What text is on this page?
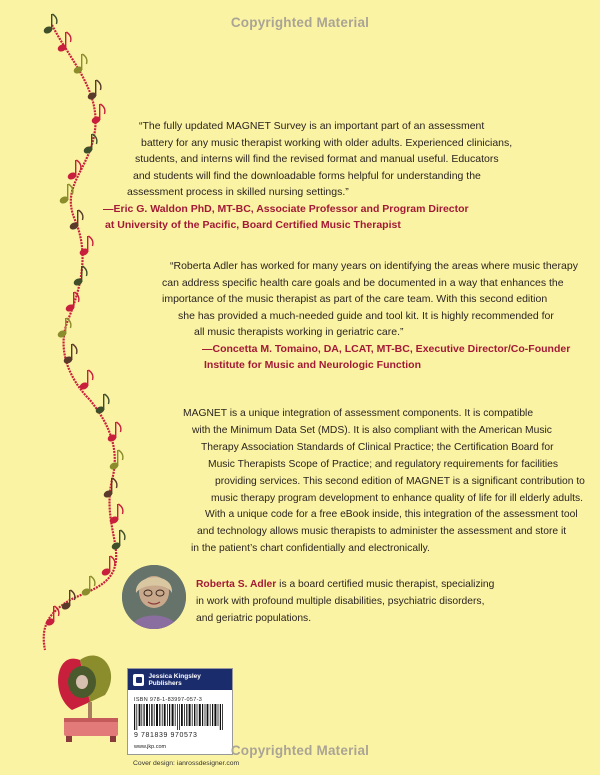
Copyrighted Material
“The fully updated MAGNET Survey is an important part of an assessment
battery for any music therapist working with older adults. Experienced clinicians,
students, and interns will find the revised format and manual useful. Educators
and students will find the downloadable forms helpful for understanding the
assessment process in skilled nursing settings.”
—Eric G. Waldon PhD, MT-BC, Associate Professor and Program Director
at University of the Pacific, Board Certified Music Therapist
“Roberta Adler has worked for many years on identifying the areas where music therapy
can address specific health care goals and be documented in a way that enhances the
importance of the music therapist as part of the care team. With this second edition
she has provided a much-needed guide and tool kit. It is highly recommended for
all music therapists working in geriatric care.”
—Concetta M. Tomaino, DA, LCAT, MT-BC, Executive Director/Co-Founder
Institute for Music and Neurologic Function
MAGNET is a unique integration of assessment components. It is compatible
with the Minimum Data Set (MDS). It is also compliant with the American Music
Therapy Association Standards of Clinical Practice; the Certification Board for
Music Therapists Scope of Practice; and regulatory requirements for facilities
providing services. This second edition of MAGNET is a significant contribution to
music therapy program development to enhance quality of life for ill elderly adults.
With a unique code for a free eBook inside, this integration of the assessment tool
and technology allows music therapists to administer the assessment and store it
in the patient’s chart confidentially and electronically.
Roberta S. Adler is a board certified music therapist, specializing
in work with profound multiple disabilities, psychiatric disorders,
and geriatric populations.
Jessica Kingsley Publishers
ISBN 978-1-83997-057-3
9 781839 970573
www.jkp.com	Copyrighted Material
Cover design: ianrossdesigner.com
